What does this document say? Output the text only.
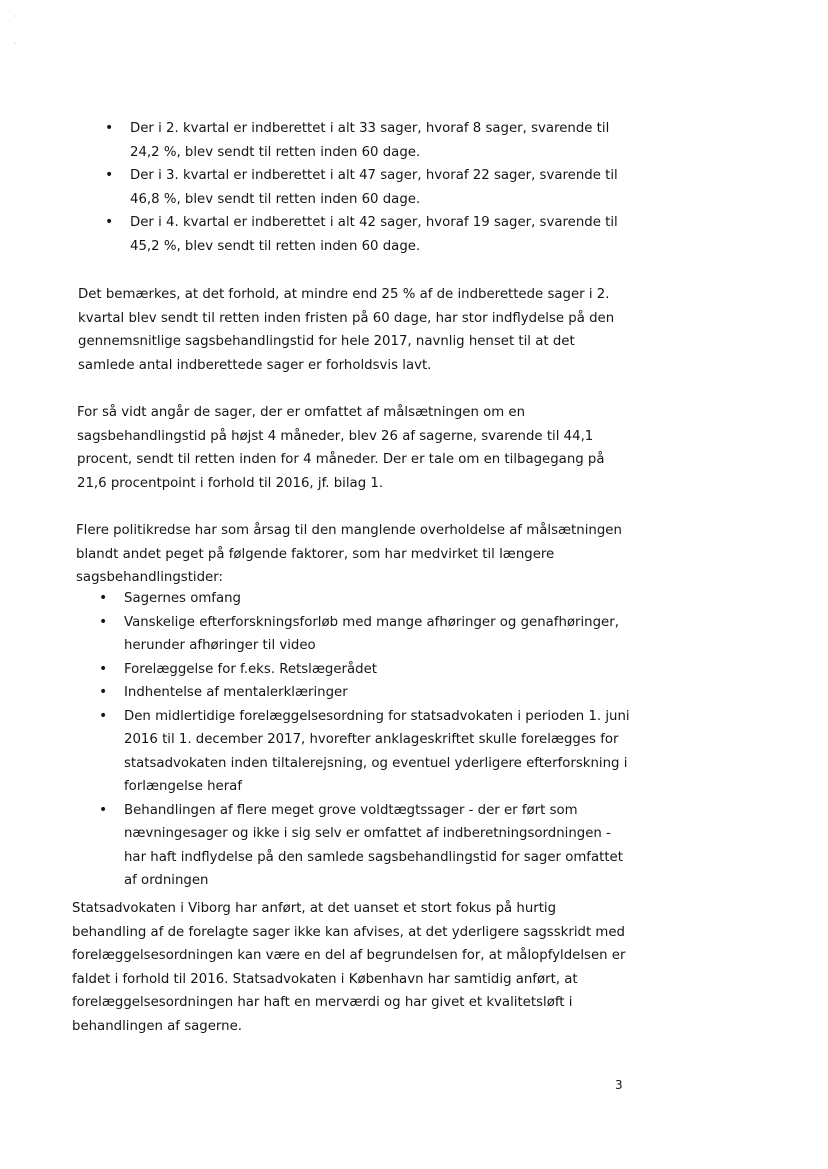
·

·
• Der i 2. kvartal er indberettet i alt 33 sager, hvoraf 8 sager, svarende til 24,2 %, blev sendt til retten inden 60 dage.
• Der i 3. kvartal er indberettet i alt 47 sager, hvoraf 22 sager, svarende til 46,8 %, blev sendt til retten inden 60 dage.
• Der i 4. kvartal er indberettet i alt 42 sager, hvoraf 19 sager, svarende til 45,2 %, blev sendt til retten inden 60 dage.

Det bemærkes, at det forhold, at mindre end 25 % af de indberettede sager i 2. kvartal blev sendt til retten inden fristen på 60 dage, har stor indflydelse på den gennemsnitlige sagsbehandlingstid for hele 2017, navnlig henset til at det samlede antal indberettede sager er forholdsvis lavt.

For så vidt angår de sager, der er omfattet af målsætningen om en sagsbehandlingstid på højst 4 måneder, blev 26 af sagerne, svarende til 44,1 procent, sendt til retten inden for 4 måneder. Der er tale om en tilbagegang på 21,6 procentpoint i forhold til 2016, jf. bilag 1.

Flere politikredse har som årsag til den manglende overholdelse af målsætningen blandt andet peget på følgende faktorer, som har medvirket til længere sagsbehandlingstider:

• Sagernes omfang
• Vanskelige efterforskningsforløb med mange afhøringer og genafhøringer, herunder afhøringer til video
• Forelæggelse for f.eks. Retslægerådet
• Indhentelse af mentalerklæringer
• Den midlertidige forelæggelsesordning for statsadvokaten i perioden 1. juni 2016 til 1. december 2017, hvorefter anklageskriftet skulle forelægges for statsadvokaten inden tiltalerejsning, og eventuel yderligere efterforskning i forlængelse heraf
• Behandlingen af flere meget grove voldtægtssager - der er ført som nævningesager og ikke i sig selv er omfattet af indberetningsordningen - har haft indflydelse på den samlede sagsbehandlingstid for sager omfattet af ordningen

Statsadvokaten i Viborg har anført, at det uanset et stort fokus på hurtig behandling af de forelagte sager ikke kan afvises, at det yderligere sagsskridt med forelæggelsesordningen kan være en del af begrundelsen for, at målopfyldelsen er faldet i forhold til 2016. Statsadvokaten i København har samtidig anført, at forelæggelsesordningen har haft en merværdi og har givet et kvalitetsløft i behandlingen af sagerne.

3
